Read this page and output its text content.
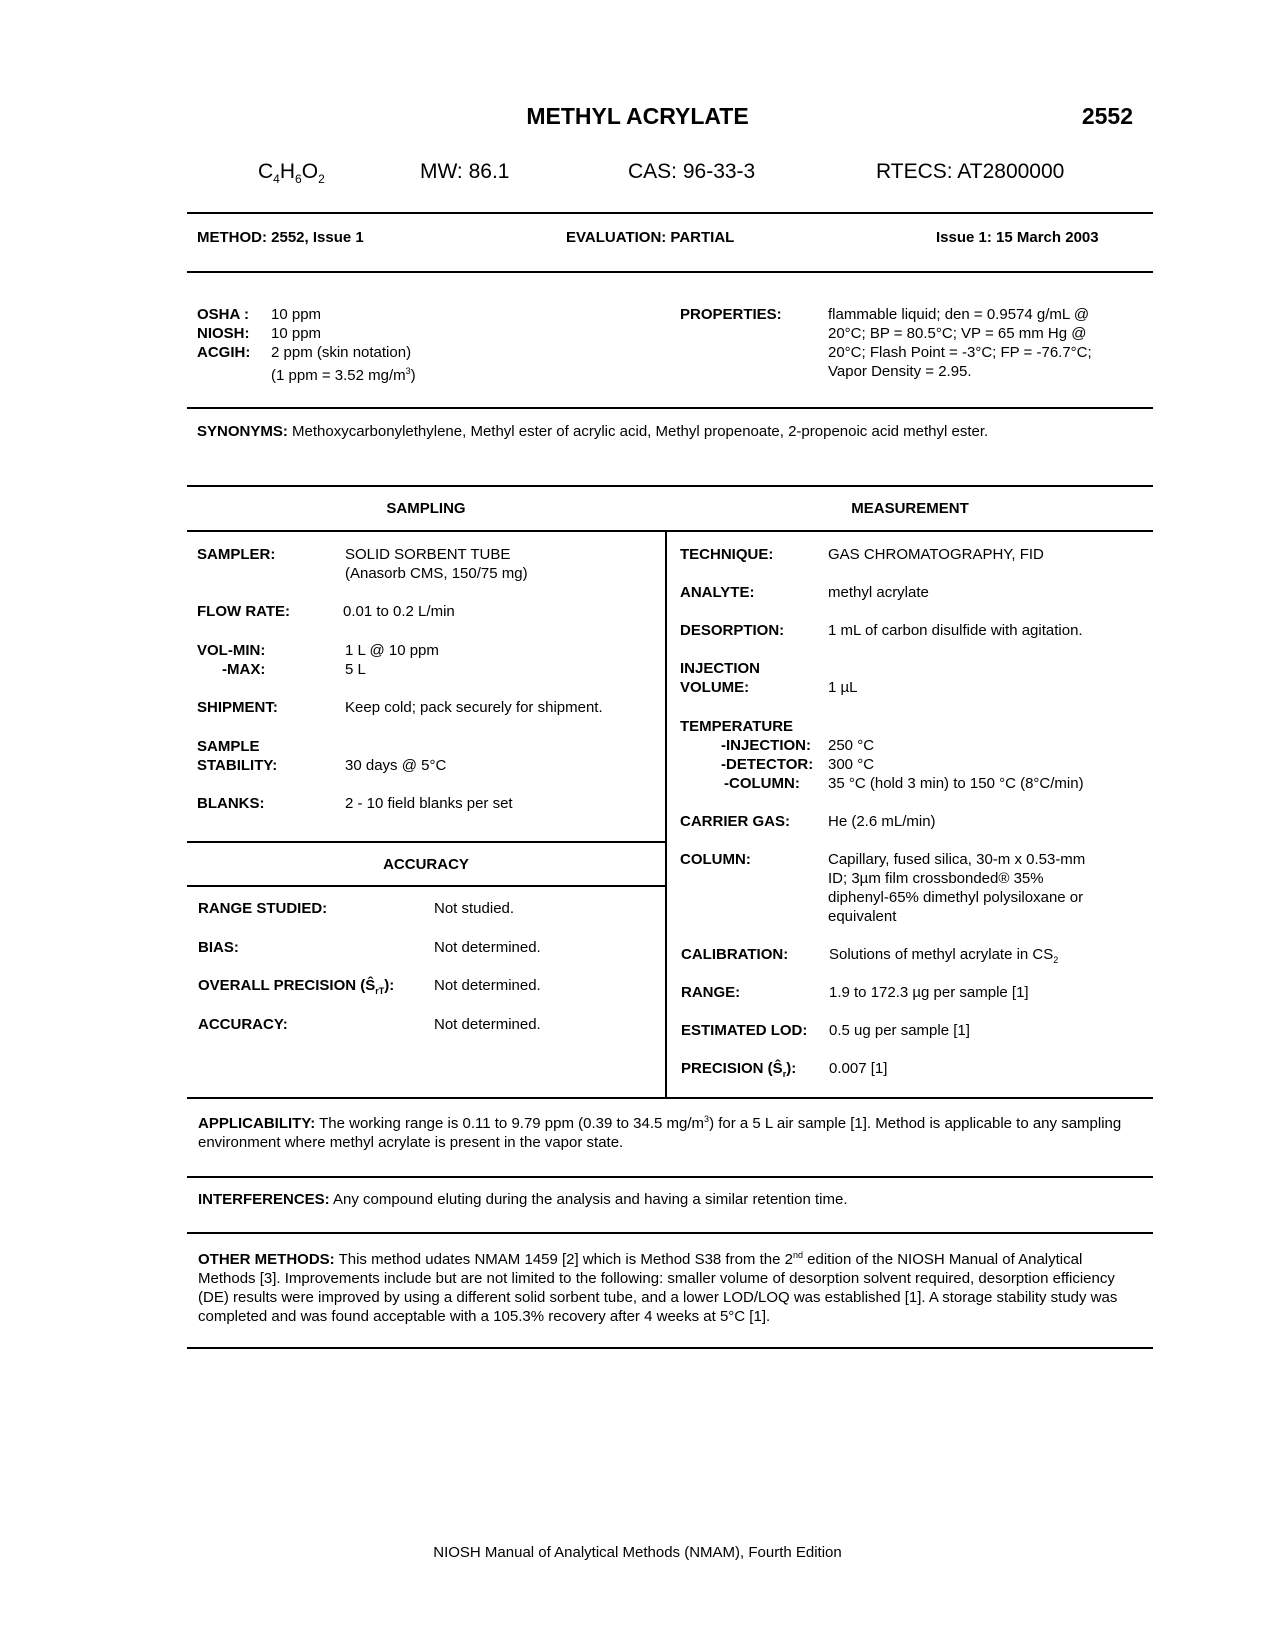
METHYL ACRYLATE	2552
$C_4H_6O_2$	MW: 86.1	CAS: 96-33-3	RTECS: AT2800000
METHOD: 2552, Issue 1	EVALUATION: PARTIAL	Issue 1: 15 March 2003
OSHA : 10 ppm
NIOSH: 10 ppm
ACGIH: 2 ppm (skin notation)
(1 ppm = 3.52 $mg/m^3$)
PROPERTIES:	flammable liquid; den = 0.9574 g/mL @
20°C; BP = 80.5°C; VP = 65 mm Hg @
20°C; Flash Point = -3°C; FP = -76.7°C;
Vapor Density = 2.95.
SYNONYMS: Methoxycarbonylethylene, Methyl ester of acrylic acid, Methyl propenoate, 2-propenoic acid methyl ester.
SAMPLING	MEASUREMENT
SAMPLER:	SOLID SORBENT TUBE
(Anasorb CMS, 150/75 mg)
FLOW RATE:	0.01 to 0.2 L/min
VOL-MIN:	1 L @ 10 ppm
-MAX:	5 L
SHIPMENT:	Keep cold; pack securely for shipment.
SAMPLE
STABILITY:	30 days @ 5°C
BLANKS:	2 - 10 field blanks per set
ACCURACY
RANGE STUDIED:	Not studied.
BIAS:	Not determined.
OVERALL PRECISION $(Ŝ_{rT})$:	Not determined.
ACCURACY:	Not determined.
TECHNIQUE:	GAS CHROMATOGRAPHY, FID
ANALYTE:	methyl acrylate
DESORPTION:	1 mL of carbon disulfide with agitation.
INJECTION
VOLUME:	1 µL
TEMPERATURE
-INJECTION: 250 °C
-DETECTOR: 300 °C
-COLUMN: 35 °C (hold 3 min) to 150 °C (8°C/min)
CARRIER GAS:	He (2.6 mL/min)
COLUMN:	Capillary, fused silica, 30-m x 0.53-mm
ID; 3µm film crossbonded® 35%
diphenyl-65% dimethyl polysiloxane or
equivalent
CALIBRATION:	Solutions of methyl acrylate in $CS_2$
RANGE:	1.9 to 172.3 µg per sample [1]
ESTIMATED LOD: 0.5 ug per sample [1]
PRECISION $(Ŝ_r)$: 0.007 [1]
APPLICABILITY: The working range is 0.11 to 9.79 ppm (0.39 to 34.5 $mg/m^3$) for a 5 L air sample [1]. Method is applicable to any sampling environment where methyl acrylate is present in the vapor state.
INTERFERENCES: Any compound eluting during the analysis and having a similar retention time.
OTHER METHODS: This method udates NMAM 1459 [2] which is Method S38 from the 2nd edition of the NIOSH Manual of Analytical Methods [3]. Improvements include but are not limited to the following: smaller volume of desorption solvent required, desorption efficiency (DE) results were improved by using a different solid sorbent tube, and a lower LOD/LOQ was established [1]. A storage stability study was completed and was found acceptable with a 105.3% recovery after 4 weeks at 5°C [1].
NIOSH Manual of Analytical Methods (NMAM), Fourth Edition
